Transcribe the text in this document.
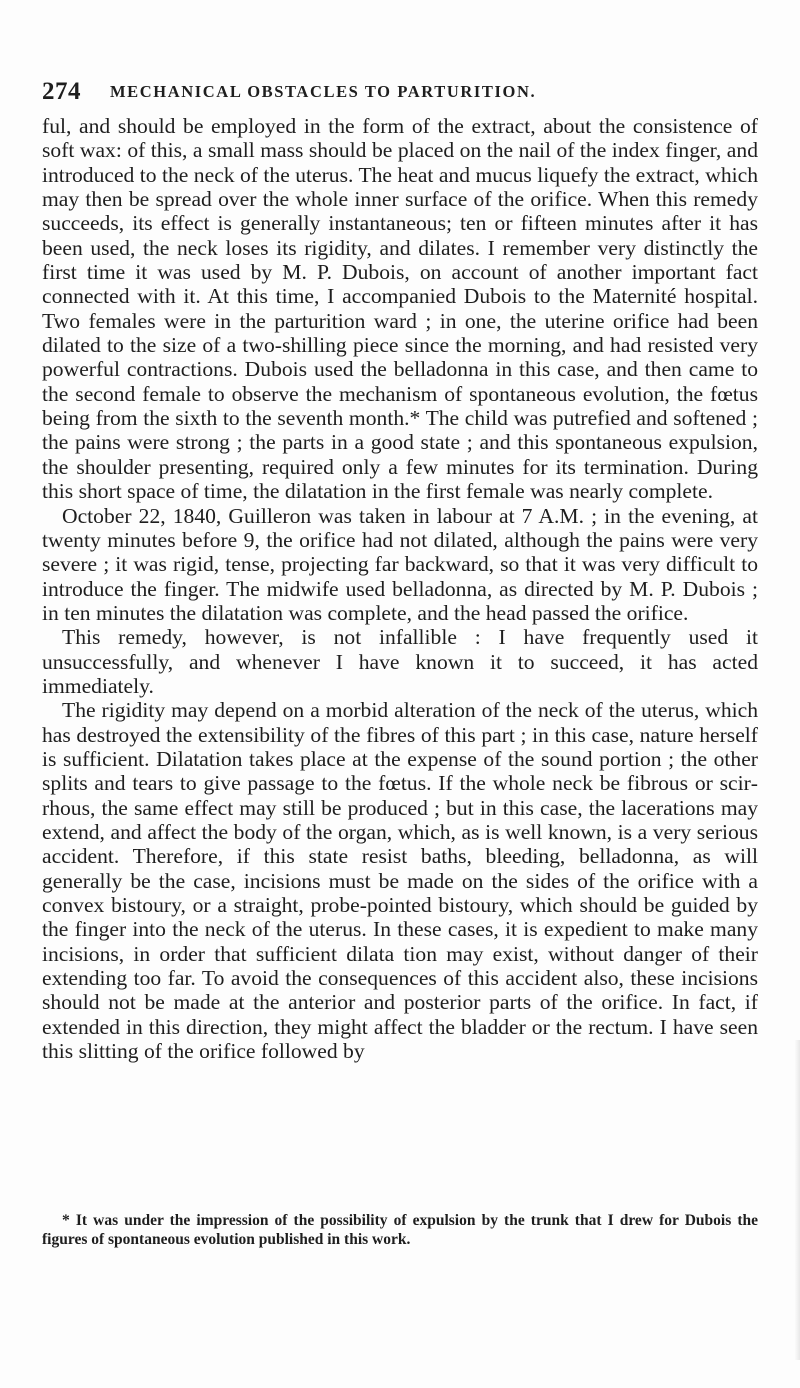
274 MECHANICAL OBSTACLES TO PARTURITION.

ful, and should be employed in the form of the extract, about the consistence of soft wax: of this, a small mass should be placed on the nail of the index finger, and introduced to the neck of the uterus. The heat and mucus liquefy the extract, which may then be spread over the whole inner surface of the orifice. When this remedy succeeds, its effect is generally instantaneous; ten or fifteen minutes after it has been used, the neck loses its rigidity, and dilates. I remember very distinctly the first time it was used by M. P. Dubois, on account of another important fact connected with it. At this time, I accompanied Dubois to the Maternité hospital. Two females were in the parturition ward ; in one, the uterine orifice had been dilated to the size of a two-shilling piece since the morning, and had resisted very powerful contractions. Dubois used the belladonna in this case, and then came to the second female to observe the mechanism of spontaneous evolution, the fœtus being from the sixth to the seventh month.* The child was putrefied and softened ; the pains were strong ; the parts in a good state ; and this spontaneous expulsion, the shoulder presenting, required only a few minutes for its termination. During this short space of time, the dilatation in the first female was nearly complete.

October 22, 1840, Guilleron was taken in labour at 7 A.M. ; in the evening, at twenty minutes before 9, the orifice had not dilated, although the pains were very severe ; it was rigid, tense, projecting far backward, so that it was very difficult to introduce the finger. The midwife used belladonna, as directed by M. P. Dubois ; in ten minutes the dilatation was complete, and the head passed the orifice.

This remedy, however, is not infallible : I have frequently used it unsuccessfully, and whenever I have known it to succeed, it has acted immediately.

The rigidity may depend on a morbid alteration of the neck of the uterus, which has destroyed the extensibility of the fibres of this part ; in this case, nature herself is sufficient. Dilatation takes place at the expense of the sound portion ; the other splits and tears to give passage to the fœtus. If the whole neck be fibrous or scirrhous, the same effect may still be produced ; but in this case, the lacerations may extend, and affect the body of the organ, which, as is well known, is a very serious accident. Therefore, if this state resist baths, bleeding, belladonna, as will generally be the case, incisions must be made on the sides of the orifice with a convex bistoury, or a straight, probe-pointed bistoury, which should be guided by the finger into the neck of the uterus. In these cases, it is expedient to make many incisions, in order that sufficient dilata tion may exist, without danger of their extending too far. To avoid the consequences of this accident also, these incisions should not be made at the anterior and posterior parts of the orifice. In fact, if extended in this direction, they might affect the bladder or the rectum. I have seen this slitting of the orifice followed by

* It was under the impression of the possibility of expulsion by the trunk that I drew for Dubois the figures of spontaneous evolution published in this work.
